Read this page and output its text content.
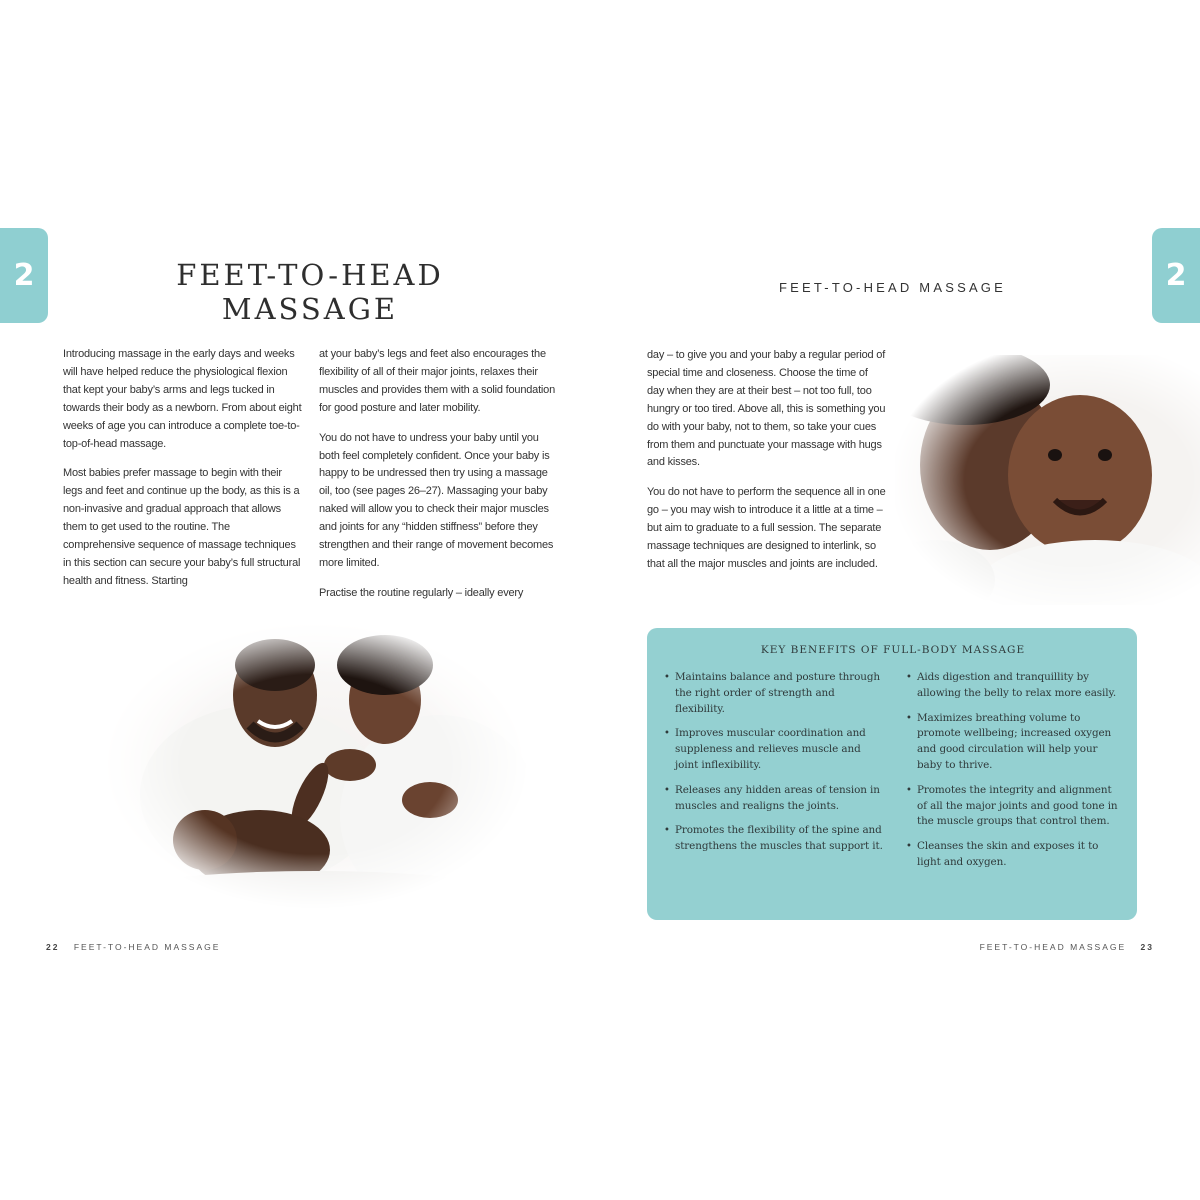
2	FEET-TO-HEAD
MASSAGE

Introducing massage in the early days and weeks will have helped reduce the physiological flexion that kept your baby’s arms and legs tucked in towards their body as a newborn. From about eight weeks of age you can introduce a complete toe-to-top-of-head massage.

Most babies prefer massage to begin with their legs and feet and continue up the body, as this is a non-invasive and gradual approach that allows them to get used to the routine. The comprehensive sequence of massage techniques in this section can secure your baby’s full structural health and fitness. Starting

at your baby’s legs and feet also encourages the flexibility of all of their major joints, relaxes their muscles and provides them with a solid foundation for good posture and later mobility.

You do not have to undress your baby until you both feel completely confident. Once your baby is happy to be undressed then try using a massage oil, too (see pages 26–27). Massaging your baby naked will allow you to check their major muscles and joints for any “hidden stiffness” before they strengthen and their range of movement becomes more limited.

Practise the routine regularly – ideally every

22 FEET-TO-HEAD MASSAGE
2
FEET-TO-HEAD MASSAGE

day – to give you and your baby a regular period of special time and closeness. Choose the time of day when they are at their best – not too full, too hungry or too tired. Above all, this is something you do with your baby, not to them, so take your cues from them and punctuate your massage with hugs and kisses.

You do not have to perform the sequence all in one go – you may wish to introduce it a little at a time – but aim to graduate to a full session. The separate massage techniques are designed to interlink, so that all the major muscles and joints are included.

KEY BENEFITS OF FULL-BODY MASSAGE
• Maintains balance and posture through the right order of strength and flexibility.
• Improves muscular coordination and suppleness and relieves muscle and joint inflexibility.
• Releases any hidden areas of tension in muscles and realigns the joints.
• Promotes the flexibility of the spine and strengthens the muscles that support it.
• Aids digestion and tranquillity by allowing the belly to relax more easily.
• Maximizes breathing volume to promote wellbeing; increased oxygen and good circulation will help your baby to thrive.
• Promotes the integrity and alignment of all the major joints and good tone in the muscle groups that control them.
• Cleanses the skin and exposes it to light and oxygen.
FEET-TO-HEAD MASSAGE 23
